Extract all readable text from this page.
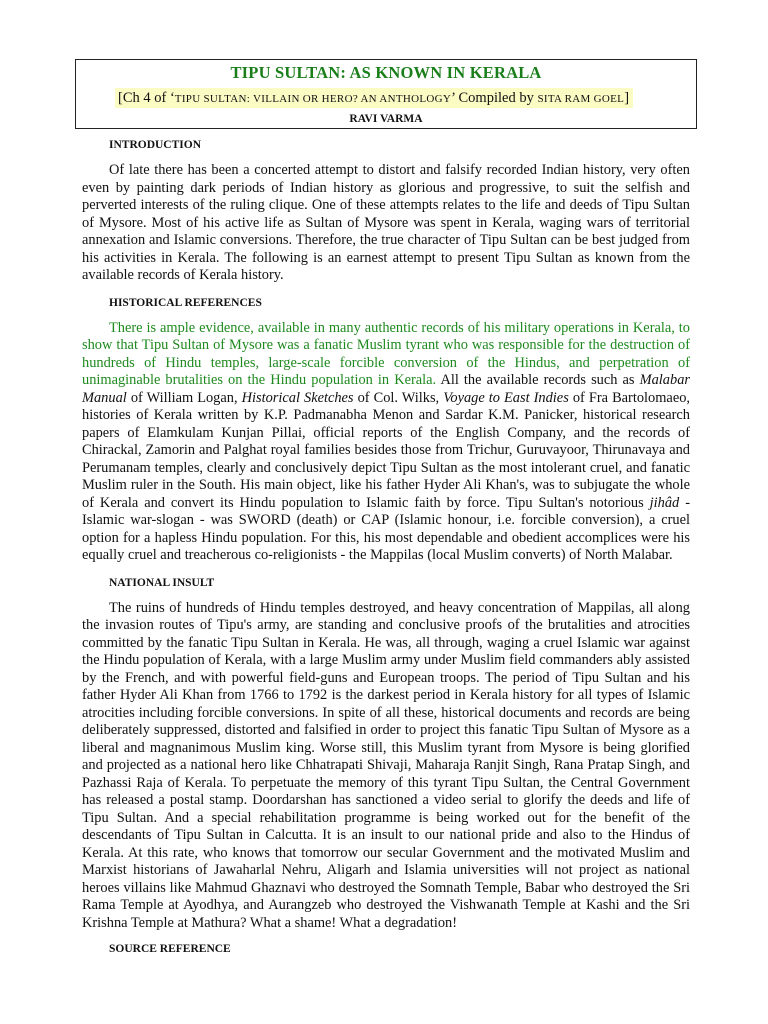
TIPU SULTAN: AS KNOWN IN KERALA
[Ch 4 of ‘TIPU SULTAN: VILLAIN OR HERO? AN ANTHOLOGY’ Compiled by SITA RAM GOEL]
RAVI VARMA
INTRODUCTION

Of late there has been a concerted attempt to distort and falsify recorded Indian history, very often even by painting dark periods of Indian history as glorious and progressive, to suit the selfish and perverted interests of the ruling clique. One of these attempts relates to the life and deeds of Tipu Sultan of Mysore. Most of his active life as Sultan of Mysore was spent in Kerala, waging wars of territorial annexation and Islamic conversions. Therefore, the true character of Tipu Sultan can be best judged from his activities in Kerala. The following is an earnest attempt to present Tipu Sultan as known from the available records of Kerala history.

HISTORICAL REFERENCES

There is ample evidence, available in many authentic records of his military operations in Kerala, to show that Tipu Sultan of Mysore was a fanatic Muslim tyrant who was responsible for the destruction of hundreds of Hindu temples, large-scale forcible conversion of the Hindus, and perpetration of unimaginable brutalities on the Hindu population in Kerala. All the available records such as Malabar Manual of William Logan, Historical Sketches of Col. Wilks, Voyage to East Indies of Fra Bartolomaeo, histories of Kerala written by K.P. Padmanabha Menon and Sardar K.M. Panicker, historical research papers of Elamkulam Kunjan Pillai, official reports of the English Company, and the records of Chirackal, Zamorin and Palghat royal families besides those from Trichur, Guruvayoor, Thirunavaya and Perumanam temples, clearly and conclusively depict Tipu Sultan as the most intolerant cruel, and fanatic Muslim ruler in the South. His main object, like his father Hyder Ali Khan's, was to subjugate the whole of Kerala and convert its Hindu population to Islamic faith by force. Tipu Sultan's notorious jihâd - Islamic war-slogan - was SWORD (death) or CAP (Islamic honour, i.e. forcible conversion), a cruel option for a hapless Hindu population. For this, his most dependable and obedient accomplices were his equally cruel and treacherous co-religionists - the Mappilas (local Muslim converts) of North Malabar.

NATIONAL INSULT

The ruins of hundreds of Hindu temples destroyed, and heavy concentration of Mappilas, all along the invasion routes of Tipu's army, are standing and conclusive proofs of the brutalities and atrocities committed by the fanatic Tipu Sultan in Kerala. He was, all through, waging a cruel Islamic war against the Hindu population of Kerala, with a large Muslim army under Muslim field commanders ably assisted by the French, and with powerful field-guns and European troops. The period of Tipu Sultan and his father Hyder Ali Khan from 1766 to 1792 is the darkest period in Kerala history for all types of Islamic atrocities including forcible conversions. In spite of all these, historical documents and records are being deliberately suppressed, distorted and falsified in order to project this fanatic Tipu Sultan of Mysore as a liberal and magnanimous Muslim king. Worse still, this Muslim tyrant from Mysore is being glorified and projected as a national hero like Chhatrapati Shivaji, Maharaja Ranjit Singh, Rana Pratap Singh, and Pazhassi Raja of Kerala. To perpetuate the memory of this tyrant Tipu Sultan, the Central Government has released a postal stamp. Doordarshan has sanctioned a video serial to glorify the deeds and life of Tipu Sultan. And a special rehabilitation programme is being worked out for the benefit of the descendants of Tipu Sultan in Calcutta. It is an insult to our national pride and also to the Hindus of Kerala. At this rate, who knows that tomorrow our secular Government and the motivated Muslim and Marxist historians of Jawaharlal Nehru, Aligarh and Islamia universities will not project as national heroes villains like Mahmud Ghaznavi who destroyed the Somnath Temple, Babar who destroyed the Sri Rama Temple at Ayodhya, and Aurangzeb who destroyed the Vishwanath Temple at Kashi and the Sri Krishna Temple at Mathura? What a shame! What a degradation!

SOURCE REFERENCE
